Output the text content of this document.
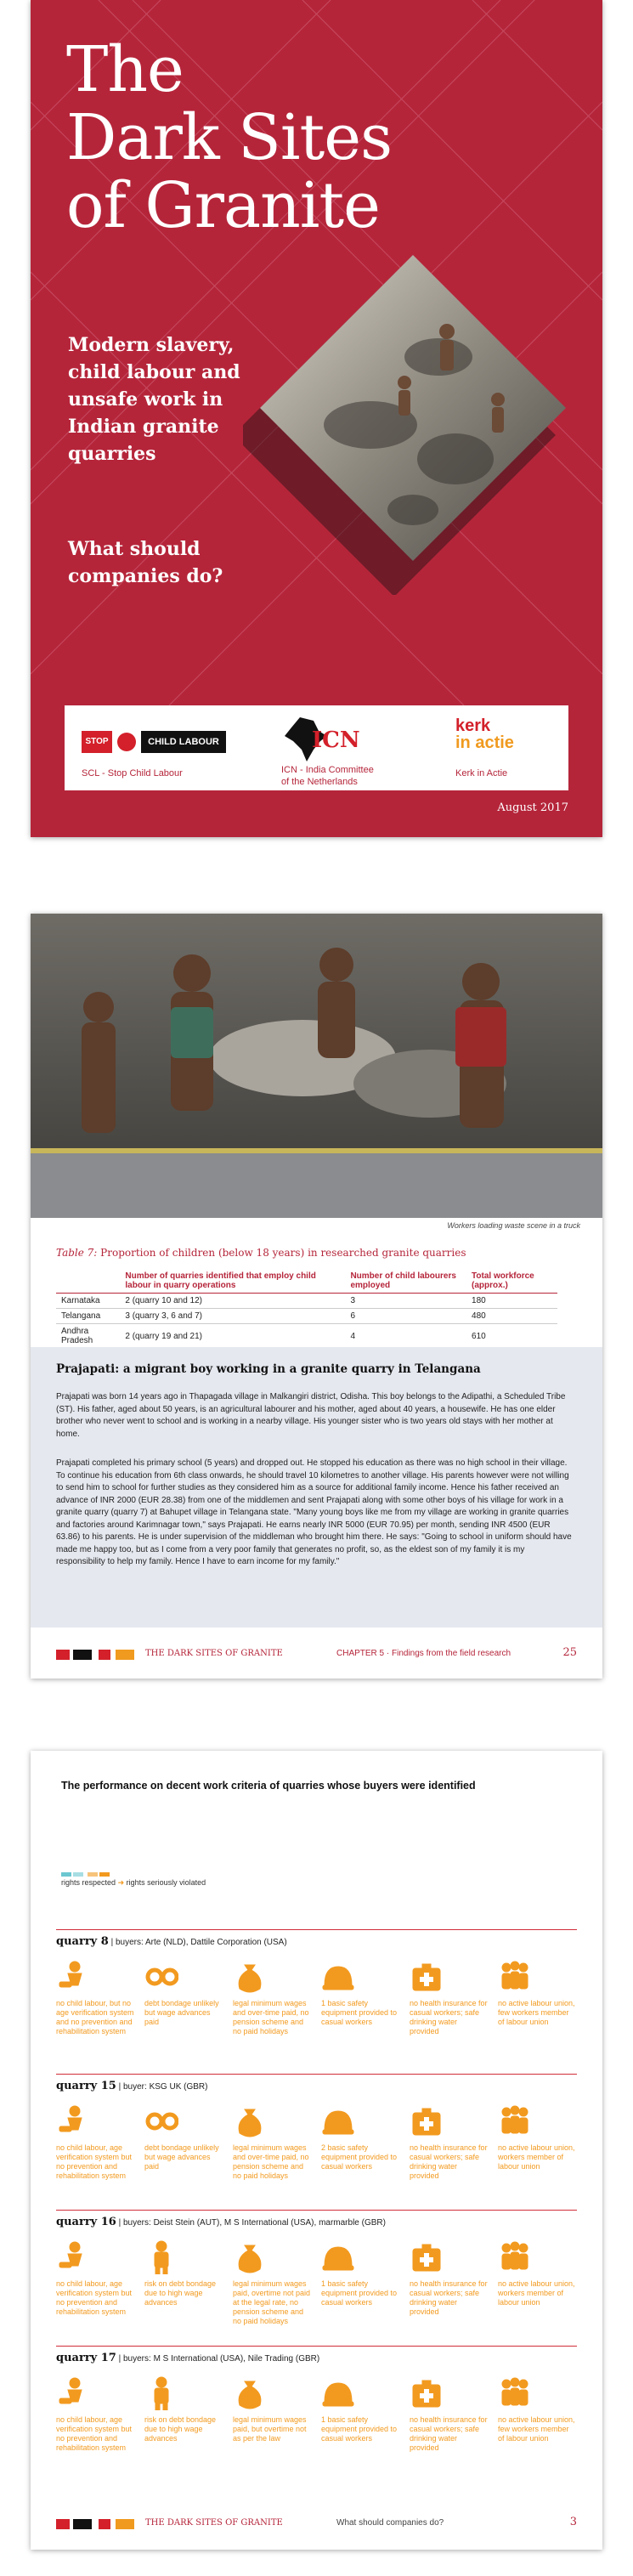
The
Dark Sites
of Granite
Modern slavery,
child labour and
unsafe work in
Indian granite
quarries
What should
companies do?
STOP	CHILD LABOUR
SCL - Stop Child Labour
ICN
ICN - India Committee
of the Netherlands
kerk
in actie
Kerk in Actie
August 2017
Workers loading waste scene in a truck
Table 7: Proportion of children (below 18 years) in researched granite quarries
	Number of quarries identified that employ child labour in quarry operations	Number of child labourers employed	Total workforce (approx.)
Karnataka	2 (quarry 10 and 12)	3	180
Telangana	3 (quarry 3, 6 and 7)	6	480
Andhra Pradesh	2 (quarry 19 and 21)	4	610
Prajapati: a migrant boy working in a granite quarry in Telangana
Prajapati was born 14 years ago in Thapagada village in Malkangiri district, Odisha. This boy belongs to the Adipathi, a Scheduled Tribe (ST). His father, aged about 50 years, is an agricultural labourer and his mother, aged about 40 years, a housewife. He has one elder brother who never went to school and is working in a nearby village. His younger sister who is two years old stays with her mother at home.
Prajapati completed his primary school (5 years) and dropped out. He stopped his education as there was no high school in their village. To continue his education from 6th class onwards, he should travel 10 kilometres to another village. His parents however were not willing to send him to school for further studies as they considered him as a source for additional family income. Hence his father received an advance of INR 2000 (EUR 28.38) from one of the middlemen and sent Prajapati along with some other boys of his village for work in a granite quarry (quarry 7) at Bahupet village in Telangana state. "Many young boys like me from my village are working in granite quarries and factories around Karimnagar town," says Prajapati. He earns nearly INR 5000 (EUR 70.95) per month, sending INR 4500 (EUR 63.86) to his parents. He is under supervision of the middleman who brought him there. He says: "Going to school in uniform should have made me happy too, but as I come from a very poor family that generates no profit, so, as the eldest son of my family it is my responsibility to help my family. Hence I have to earn income for my family."
THE DARK SITES OF GRANITE	CHAPTER 5 · Findings from the field research	25
The performance on decent work criteria of quarries whose buyers were identified

rights respected ➜ rights seriously violated
quarry 8 | buyers: Arte (NLD), Dattile Corporation (USA)
no child labour, but no age verification system and no prevention and rehabilitation system
debt bondage unlikely but wage advances paid
legal minimum wages and over-time paid, no pension scheme and no paid holidays
1 basic safety equipment provided to casual workers
no health insurance for casual workers; safe drinking water provided
no active labour union, few workers member of labour union
quarry 15 | buyer: KSG UK (GBR)
no child labour, age verification system but no prevention and rehabilitation system
debt bondage unlikely but wage advances paid
legal minimum wages and over-time paid, no pension scheme and no paid holidays
2 basic safety equipment provided to casual workers
no health insurance for casual workers; safe drinking water provided
no active labour union, workers member of labour union
quarry 16 | buyers: Deist Stein (AUT), M S International (USA), marmarble (GBR)
no child labour, age verification system but no prevention and rehabilitation system
risk on debt bondage due to high wage advances
legal minimum wages paid, overtime not paid at the legal rate, no pension scheme and no paid holidays
1 basic safety equipment provided to casual workers
no health insurance for casual workers; safe drinking water provided
no active labour union, workers member of labour union
quarry 17 | buyers: M S International (USA), Nile Trading (GBR)
no child labour, age verification system but no prevention and rehabilitation system
risk on debt bondage due to high wage advances
legal minimum wages paid, but overtime not as per the law
1 basic safety equipment provided to casual workers
no health insurance for casual workers; safe drinking water provided
no active labour union, few workers member of labour union
THE DARK SITES OF GRANITE	What should companies do?	3
